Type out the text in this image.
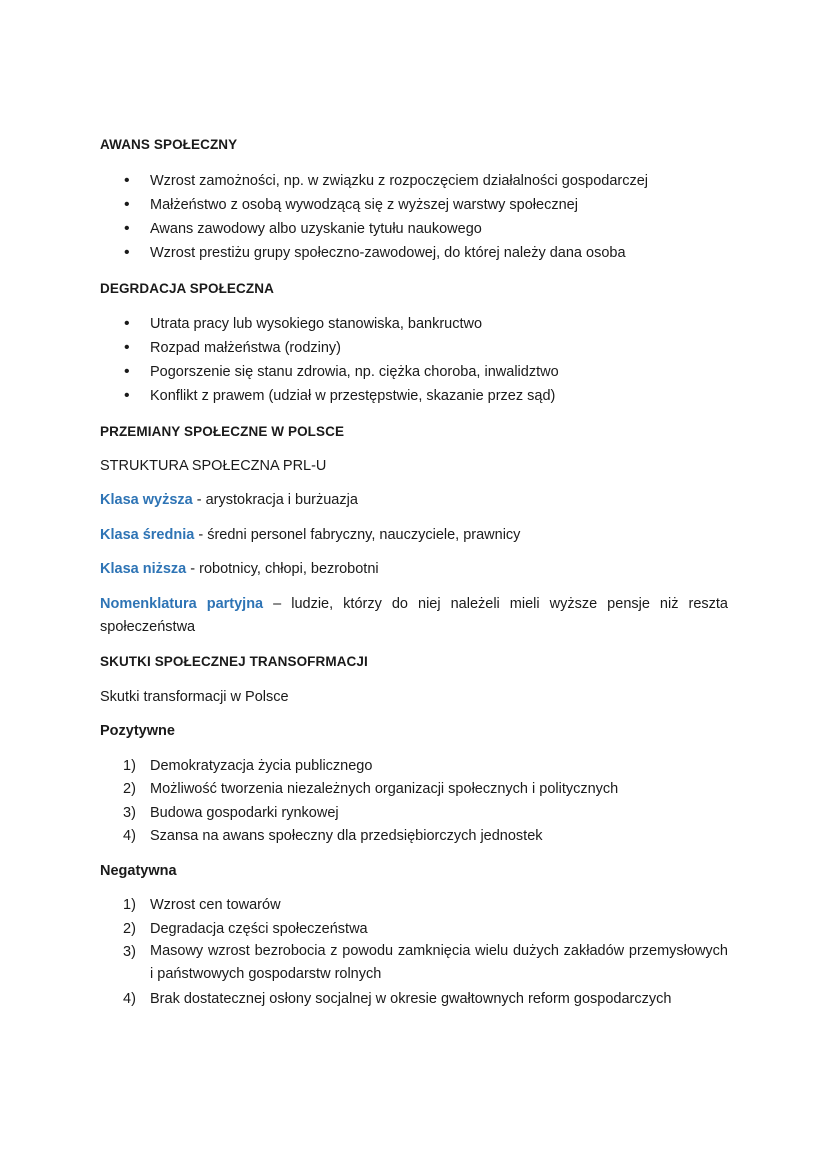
AWANS SPOŁECZNY
• Wzrost zamożności, np. w związku z rozpoczęciem działalności gospodarczej
• Małżeństwo z osobą wywodzącą się z wyższej warstwy społecznej
• Awans zawodowy albo uzyskanie tytułu naukowego
• Wzrost prestiżu grupy społeczno-zawodowej, do której należy dana osoba
DEGRDACJA SPOŁECZNA
• Utrata pracy lub wysokiego stanowiska, bankructwo
• Rozpad małżeństwa (rodziny)
• Pogorszenie się stanu zdrowia, np. ciężka choroba, inwalidztwo
• Konflikt z prawem (udział w przestępstwie, skazanie przez sąd)
PRZEMIANY SPOŁECZNE W POLSCE
STRUKTURA SPOŁECZNA PRL-U
Klasa wyższa - arystokracja i burżuazja
Klasa średnia - średni personel fabryczny, nauczyciele, prawnicy
Klasa niższa - robotnicy, chłopi, bezrobotni
Nomenklatura partyjna – ludzie, którzy do niej należeli mieli wyższe pensje niż reszta społeczeństwa
SKUTKI SPOŁECZNEJ TRANSOFRMACJI
Skutki transformacji w Polsce
Pozytywne
1) Demokratyzacja życia publicznego
2) Możliwość tworzenia niezależnych organizacji społecznych i politycznych
3) Budowa gospodarki rynkowej
4) Szansa na awans społeczny dla przedsiębiorczych jednostek
Negatywna
1) Wzrost cen towarów
2) Degradacja części społeczeństwa
3) Masowy wzrost bezrobocia z powodu zamknięcia wielu dużych zakładów przemysłowych i państwowych gospodarstw rolnych
4) Brak dostatecznej osłony socjalnej w okresie gwałtownych reform gospodarczych
